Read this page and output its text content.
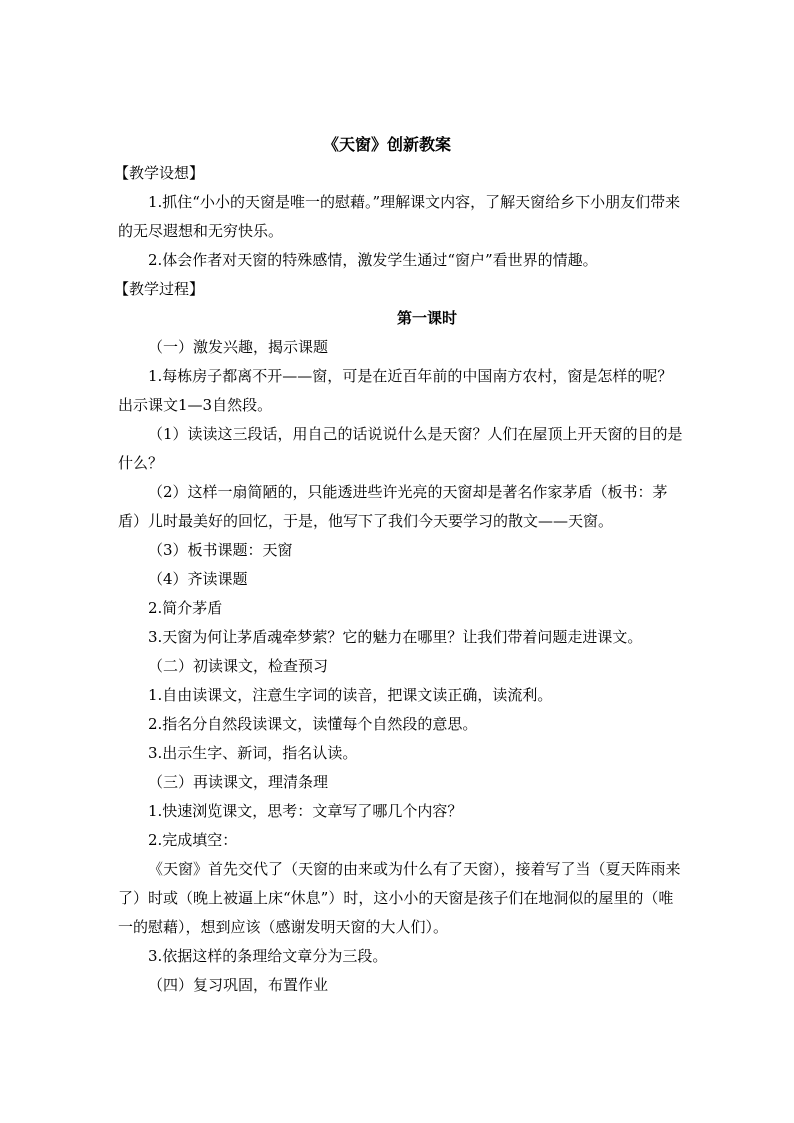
《天窗》创新教案
【教学设想】

1.抓住“小小的天窗是唯一的慰藉。”理解课文内容，了解天窗给乡下小朋友们带来的无尽遐想和无穷快乐。

2.体会作者对天窗的特殊感情，激发学生通过“窗户”看世界的情趣。

【教学过程】
第一课时

（一）激发兴趣，揭示课题

1.每栋房子都离不开——窗，可是在近百年前的中国南方农村，窗是怎样的呢？出示课文1—3自然段。

（1）读读这三段话，用自己的话说说什么是天窗？人们在屋顶上开天窗的目的是什么？

（2）这样一扇简陋的，只能透进些许光亮的天窗却是著名作家茅盾（板书：茅盾）儿时最美好的回忆，于是，他写下了我们今天要学习的散文——天窗。

（3）板书课题：天窗

（4）齐读课题

2.简介茅盾

3.天窗为何让茅盾魂牵梦萦？它的魅力在哪里？让我们带着问题走进课文。

（二）初读课文，检查预习

1.自由读课文，注意生字词的读音，把课文读正确，读流利。

2.指名分自然段读课文，读懂每个自然段的意思。

3.出示生字、新词，指名认读。

（三）再读课文，理清条理

1.快速浏览课文，思考：文章写了哪几个内容？

2.完成填空：

《天窗》首先交代了（天窗的由来或为什么有了天窗），接着写了当（夏天阵雨来了）时或（晚上被逼上床“休息”）时，这小小的天窗是孩子们在地洞似的屋里的（唯一的慰藉），想到应该（感谢发明天窗的大人们）。

3.依据这样的条理给文章分为三段。

（四）复习巩固，布置作业
